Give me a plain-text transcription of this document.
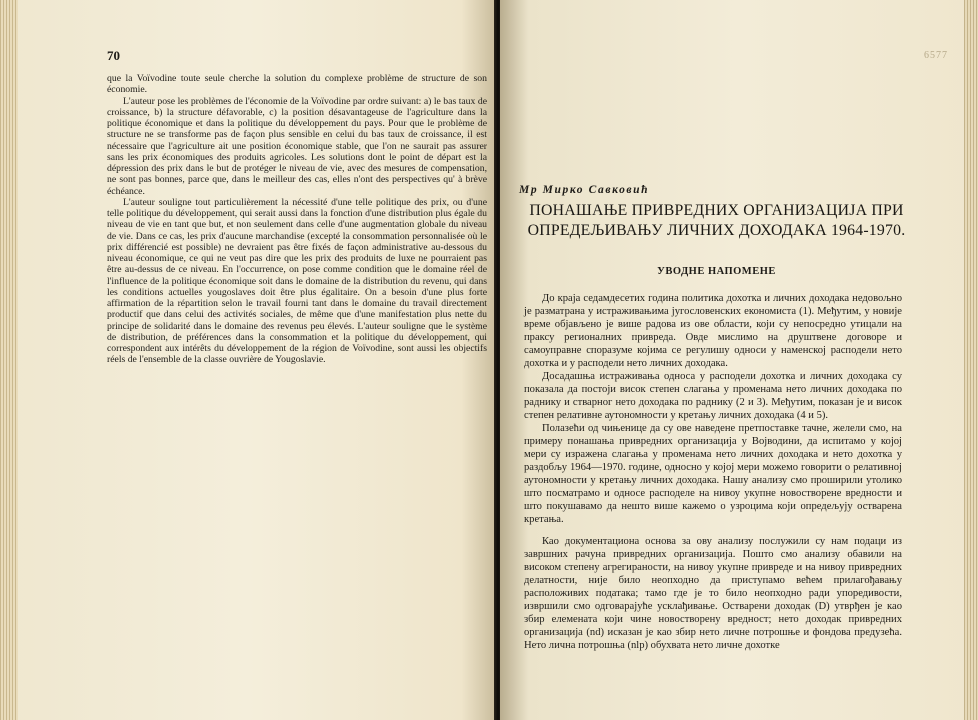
70

que la Voïvodine toute seule cherche la solution du complexe problème de structure de son économie.

L'auteur pose les problèmes de l'économie de la Voïvodine par ordre suivant: a) le bas taux de croissance, b) la structure défavorable, c) la position désavantageuse de l'agriculture dans la politique économique et dans la politique du développement du pays. Pour que le problème de structure ne se transforme pas de façon plus sensible en celui du bas taux de croissance, il est nécessaire que l'agriculture ait une position économique stable, que l'on ne saurait pas assurer sans les prix économiques des produits agricoles. Les solutions dont le point de départ est la dépression des prix dans le but de protéger le niveau de vie, avec des mesures de compensation, ne sont pas bonnes, parce que, dans le meilleur des cas, elles n'ont des perspectives qu' à brève échéance.

L'auteur souligne tout particulièrement la nécessité d'une telle politique des prix, ou d'une telle politique du développement, qui serait aussi dans la fonction d'une distribution plus égale du niveau de vie en tant que but, et non seulement dans celle d'une augmentation globale du niveau de vie. Dans ce cas, les prix d'aucune marchandise (excepté la consommation personnalisée où le prix différencié est possible) ne devraient pas être fixés de façon administrative au-dessous du niveau économique, ce qui ne veut pas dire que les prix des produits de luxe ne pourraient pas être au-dessus de ce niveau. En l'occurrence, on pose comme condition que le domaine réel de l'influence de la politique économique soit dans le domaine de la distribution du revenu, qui dans les conditions actuelles yougoslaves doit être plus égalitaire. On a besoin d'une plus forte affirmation de la répartition selon le travail fourni tant dans le domaine du travail directement productif que dans celui des activités sociales, de même que d'une manifestation plus nette du principe de solidarité dans le domaine des revenus peu élevés. L'auteur souligne que le système de distribution, de préférences dans la consommation et la politique du développement, qui correspondent aux intérêts du développement de la région de Voïvodine, sont aussi les objectifs réels de l'ensemble de la classe ouvrière de Yougoslavie.

6577
Мр Мирко Савковић
ПОНАШАЊЕ ПРИВРЕДНИХ ОРГАНИЗАЦИЈА ПРИ ОПРЕДЕЉИВАЊУ ЛИЧНИХ ДОХОДАКА 1964-1970.
УВОДНЕ НАПОМЕНЕ

До краја седамдесетих година политика дохотка и личних доходака недовољно је разматрана у истраживањима југословенских економиста (1). Међутим, у новије време објављено је више радова из ове области, који су непосредно утицали на праксу регионалних привреда. Овде мислимо на друштвене договоре и самоуправне споразуме којима се регулишу односи у наменској расподели нето дохотка и у расподели нето личних доходака.

Досадашња истраживања односа у расподели дохотка и личних доходака су показала да постоји висок степен слагања у променама нето личних доходака по раднику и стварног нето доходака по раднику (2 и 3). Међутим, показан је и висок степен релативне аутономности у кретању личних доходака (4 и 5).

Полазећи од чињенице да су ове наведене претпоставке тачне, желели смо, на примеру понашања привредних организација у Војводини, да испитамо у којој мери су изражена слагања у променама нето личних доходака и нето дохотка у раздобљу 1964—1970. године, односно у којој мери можемо говорити о релативној аутономности у кретању личних доходака. Нашу анализу смо проширили утолико што посматрамо и односе расподеле на нивоу укупне новостворене вредности и што покушавамо да нешто више кажемо о узроцима који опредељују остварена кретања.

Као документациона основа за ову анализу послужили су нам подаци из завршних рачуна привредних организација. Пошто смо анализу обавили на високом степену агрегираности, на нивоу укупне привреде и на нивоу привредних делатности, није било неопходно да приступамо већем прилагођавању расположивих података; тамо где је то било неопходно ради упоредивости, извршили смо одговарајуће усклађивање. Остварени доходак (D) утврђен је као збир елемената који чине новостворену вредност; нето доходак привредних организација (nd) исказан је као збир нето личне потрошње и фондова предузећа. Нето лична потрошња (nlp) обухвата нето личне дохотке
